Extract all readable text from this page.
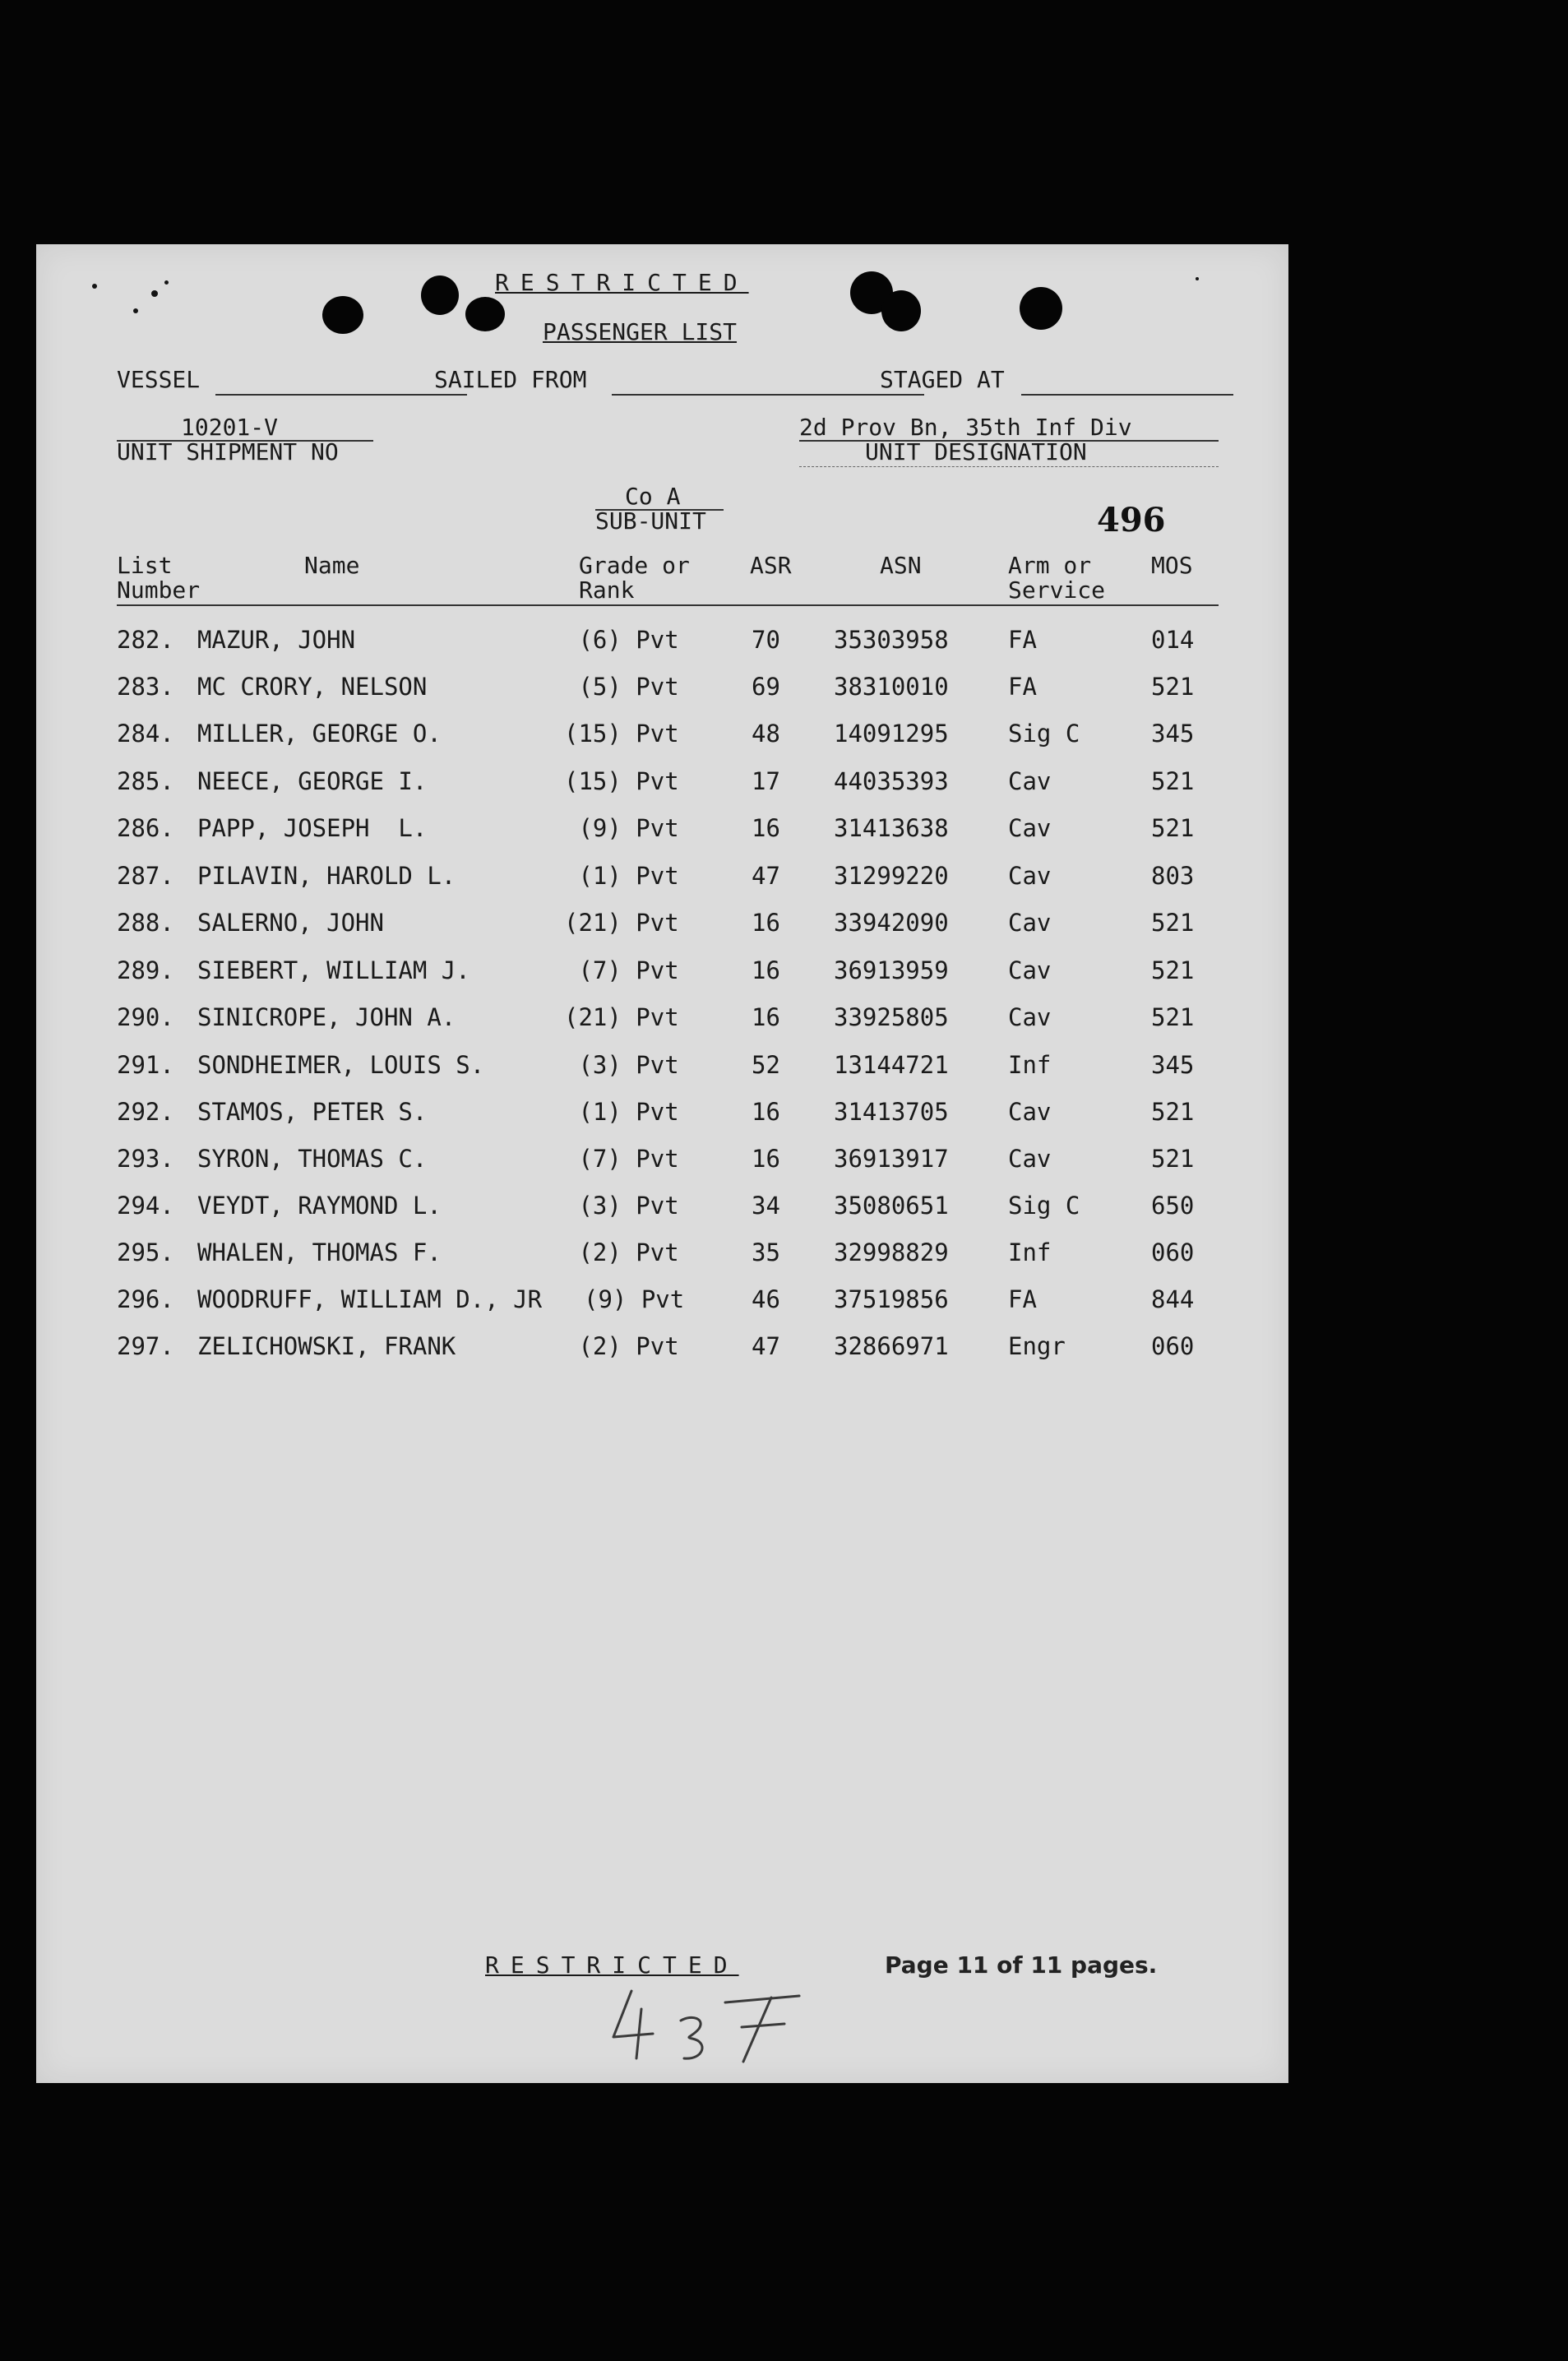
RESTRICTED
PASSENGER LIST
VESSEL	SAILED FROM	STAGED AT
10201-V
UNIT SHIPMENT NO
2d Prov Bn, 35th Inf Div
UNIT DESIGNATION
Co A
SUB-UNIT	496
List
Number
Name	Grade or
Rank
ASR	ASN	Arm or
Service
MOS
282. MAZUR, JOHN	(6) Pvt	70 35303958 FA	014
283. MC CRORY, NELSON	(5) Pvt	69 38310010 FA	521
284. MILLER, GEORGE O.	(15) Pvt	48 14091295 Sig C	345
285. NEECE, GEORGE I.	(15) Pvt	17 44035393 Cav	521
286. PAPP, JOSEPH  L.	(9) Pvt	16 31413638 Cav	521
287. PILAVIN, HAROLD L.	(1) Pvt	47 31299220 Cav	803
288. SALERNO, JOHN	(21) Pvt	16 33942090 Cav	521
289. SIEBERT, WILLIAM J.	(7) Pvt	16 36913959 Cav	521
290. SINICROPE, JOHN A.	(21) Pvt	16 33925805 Cav	521
291. SONDHEIMER, LOUIS S.	(3) Pvt	52 13144721 Inf	345
292. STAMOS, PETER S.	(1) Pvt	16 31413705 Cav	521
293. SYRON, THOMAS C.	(7) Pvt	16 36913917 Cav	521
294. VEYDT, RAYMOND L.	(3) Pvt	34 35080651 Sig C	650
295. WHALEN, THOMAS F.	(2) Pvt	35 32998829 Inf	060
296. WOODRUFF, WILLIAM D., JR (9) Pvt	46 37519856 FA	844
297. ZELICHOWSKI, FRANK	(2) Pvt	47 32866971 Engr	060
RESTRICTED	Page 11 of 11 pages.
